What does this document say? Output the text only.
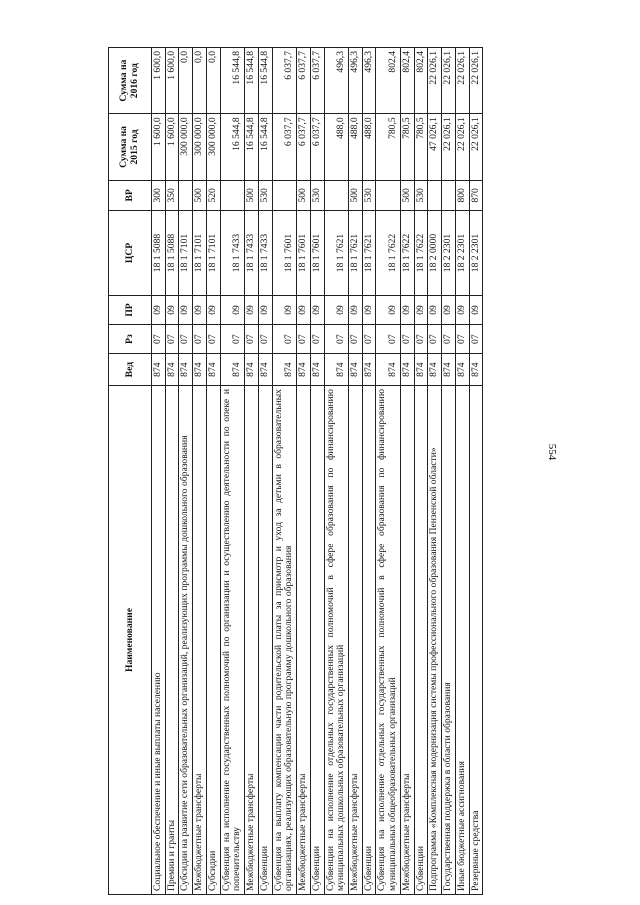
554
Наименование	Вед	Рз	ПР	ЦСР	ВР	Сумма на 2015 год	Сумма на 2016 год
Социальное обеспечение и иные выплаты населению	874	07	09	18 1 5088	300	1 600,0	1 600,0
Премии и гранты	874	07	09	18 1 5088	350	1 600,0	1 600,0
Субсидии на развитие сети образовательных организаций, реализующих программы дошкольного образования	874	07	09	18 1 7101		300 000,0	0,0
Межбюджетные трансферты	874	07	09	18 1 7101	500	300 000,0	0,0
Субсидии	874	07	09	18 1 7101	520	300 000,0	0,0
Субвенция на исполнение государственных полномочий по организации и осуществлению деятельности по опеке и попечительству	874	07	09	18 1 7433		16 544,8	16 544,8
Межбюджетные трансферты	874	07	09	18 1 7433	500	16 544,8	16 544,8
Субвенции	874	07	09	18 1 7433	530	16 544,8	16 544,8
Субвенция на выплату компенсации части родительской платы за присмотр и уход за детьми в образовательных организациях, реализующих образовательную программу дошкольного образования	874	07	09	18 1 7601		6 037,7	6 037,7
Межбюджетные трансферты	874	07	09	18 1 7601	500	6 037,7	6 037,7
Субвенции	874	07	09	18 1 7601	530	6 037,7	6 037,7
Субвенции на исполнение отдельных государственных полномочий в сфере образования по финансированию муниципальных дошкольных образовательных организаций	874	07	09	18 1 7621		488,0	496,3
Межбюджетные трансферты	874	07	09	18 1 7621	500	488,0	496,3
Субвенции	874	07	09	18 1 7621	530	488,0	496,3
Субвенция на исполнение отдельных государственных полномочий в сфере образования по финансированию муниципальных общеобразовательных организаций	874	07	09	18 1 7622		780,5	802,4
Межбюджетные трансферты	874	07	09	18 1 7622	500	780,5	802,4
Субвенции	874	07	09	18 1 7622	530	780,5	802,4
Подпрограмма «Комплексная модернизация системы профессионального образования Пензенской области»	874	07	09	18 2 0000		47 026,1	22 026,1
Государственная поддержка в области образования	874	07	09	18 2 2301		22 026,1	22 026,1
Иные бюджетные ассигнования	874	07	09	18 2 2301	800	22 026,1	22 026,1
Резервные средства	874	07	09	18 2 2301	870	22 026,1	22 026,1
